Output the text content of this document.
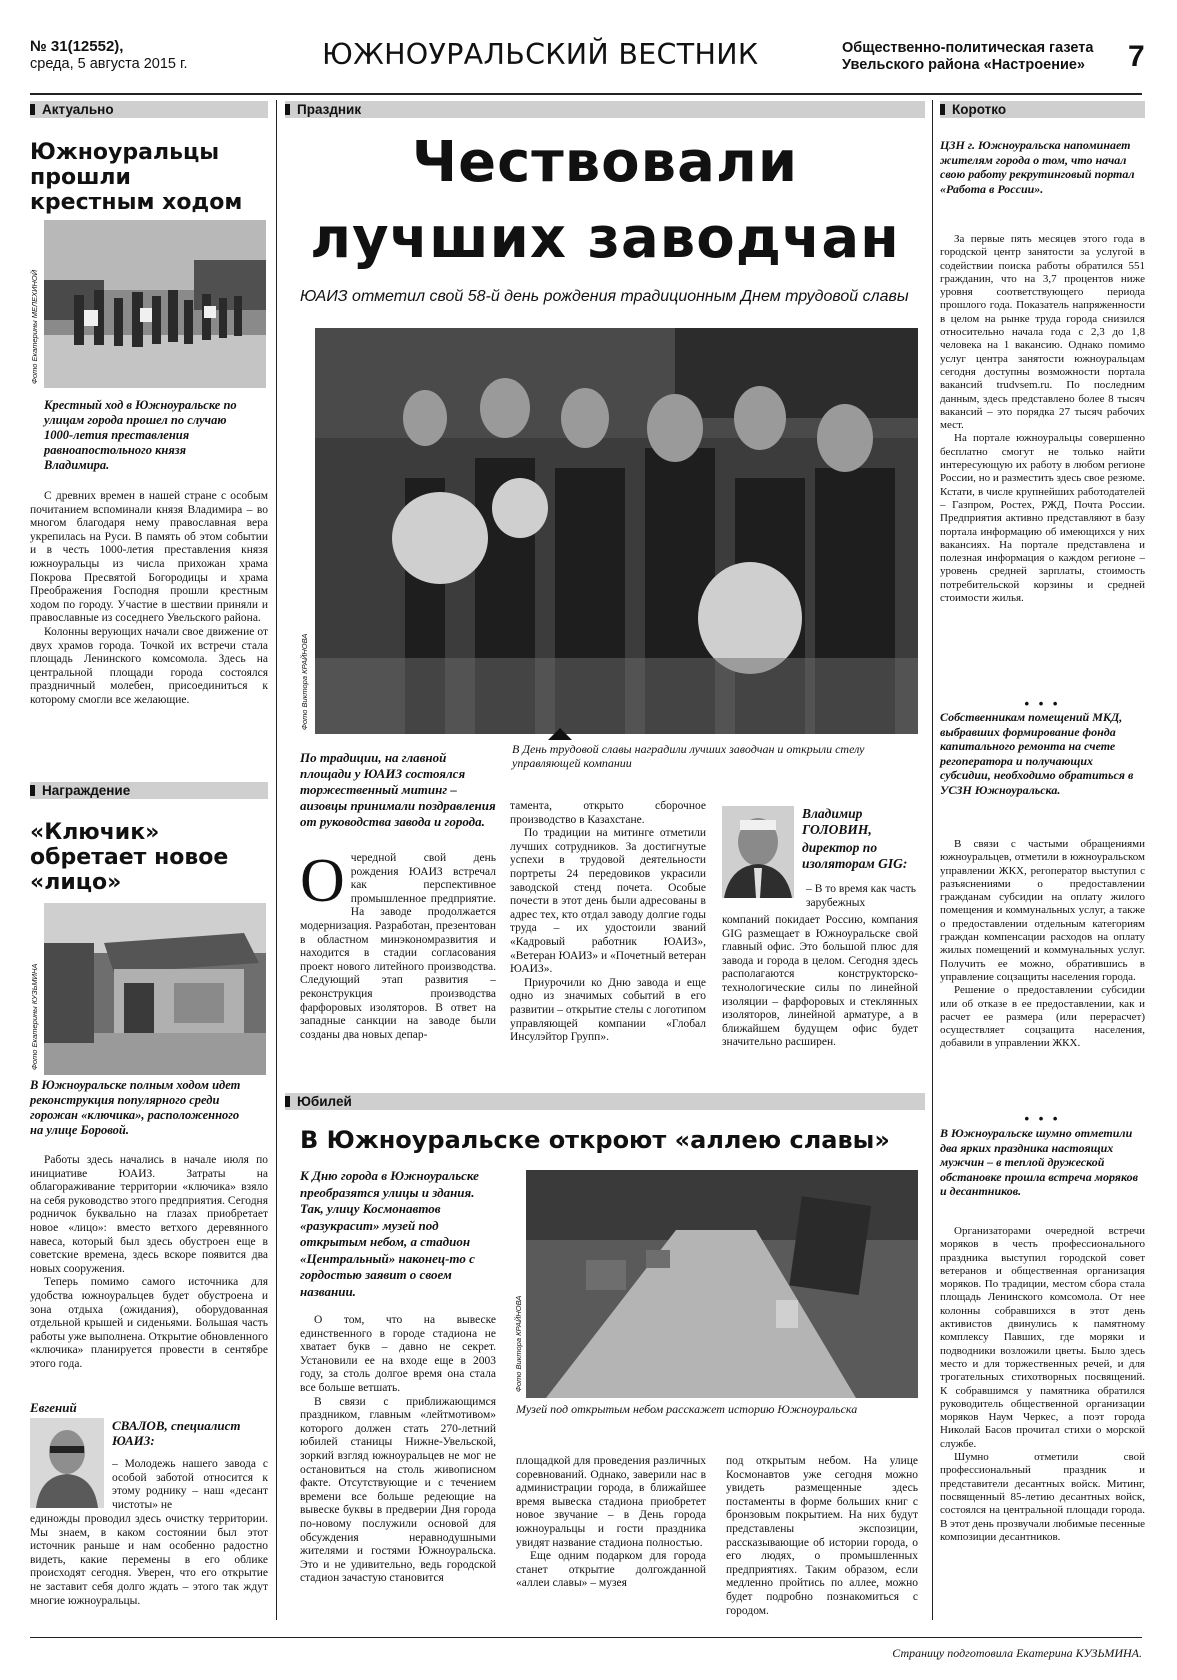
№ 31(12552),
среда, 5 августа 2015 г.	ЮЖНОУРАЛЬСКИЙ ВЕСТНИК	Общественно-политическая газета
Увельского района «Настроение» 7
Актуально
Южноуральцы прошли крестным ходом
Фото Екатерины МЕЛЕХИНОЙ

Крестный ход в Южноуральске по улицам города прошел по случаю 1000-летия преставления равноапостольного князя Владимира.

С древних времен в нашей стране с особым почитанием вспоминали князя Владимира – во многом благодаря нему православная вера укрепилась на Руси. В память об этом событии и в честь 1000-летия преставления князя южноуральцы из числа прихожан храма Покрова Пресвятой Богородицы и храма Преображения Господня прошли крестным ходом по городу. Участие в шествии приняли и православные из соседнего Увельского района.

Колонны верующих начали свое движение от двух храмов города. Точкой их встречи стала площадь Ленинского комсомола. Здесь на центральной площади города состоялся праздничный молебен, присоединиться к которому смогли все желающие.

Награждение
«Ключик» обретает новое «лицо»
Фото Екатерины КУЗЬМИНА

В Южноуральске полным ходом идет реконструкция популярного среди горожан «ключика», расположенного на улице Боровой.

Работы здесь начались в начале июля по инициативе ЮАИЗ. Затраты на облагораживание территории «ключика» взяло на себя руководство этого предприятия. Сегодня родничок буквально на глазах приобретает новое «лицо»: вместо ветхого деревянного навеса, который был здесь обустроен еще в советские времена, здесь вскоре появится два новых сооружения.

Теперь помимо самого источника для удобства южноуральцев будет обустроена и зона отдыха (ожидания), оборудованная отдельной крышей и сиденьями. Большая часть работы уже выполнена. Открытие обновленного «ключика» планируется провести в сентябре этого года.

Евгений
СВАЛОВ, специалист ЮАИЗ:
– Молодежь нашего завода с особой заботой относится к этому роднику – наш «десант чистоты» не
единожды проводил здесь очистку территории. Мы знаем, в каком состоянии был этот источник раньше и нам особенно радостно видеть, какие перемены в его облике происходят сегодня. Уверен, что его открытие не заставит себя долго ждать – этого так ждут многие южноуральцы.
Праздник
Чествовали
лучших заводчан
ЮАИЗ отметил свой 58-й день рождения традиционным Днем трудовой славы
Фото Виктора КРАЙНОВА
В День трудовой славы наградили лучших заводчан и открыли стелу управляющей компании

По традиции, на главной площади у ЮАИЗ состоялся торжественный митинг – аизовцы принимали поздравления от руководства завода и города.

О чередной свой день рождения ЮАИЗ встречал как перспективное промышленное предприятие. На заводе продолжается модернизация. Разработан, презентован в областном минэкономразвития и находится в стадии согласования проект нового литейного производства. Следующий этап развития – реконструкция производства фарфоровых изоляторов. В ответ на западные санкции на заводе были созданы два новых депар-

тамента, открыто сборочное производство в Казахстане.

По традиции на митинге отметили лучших сотрудников. За достигнутые успехи в трудовой деятельности портреты 24 передовиков украсили заводской стенд почета. Особые почести в этот день были адресованы в адрес тех, кто отдал заводу долгие годы труда – их удостоили званий «Кадровый работник ЮАИЗ», «Ветеран ЮАИЗ» и «Почетный ветеран ЮАИЗ».

Приурочили ко Дню завода и еще одно из значимых событий в его развитии – открытие стелы с логотипом управляющей компании «Глобал Инсулэйтор Групп».

Владимир ГОЛОВИН,
директор по изоляторам GIG:
– В то время как часть зарубежных
компаний покидает Россию, компания GIG размещает в Южноуральске свой главный офис. Это большой плюс для завода и города в целом. Сегодня здесь располагаются конструкторско-технологические силы по линейной изоляции – фарфоровых и стеклянных изоляторов, линейной арматуре, а в ближайшем будущем офис будет значительно расширен.
Юбилей
В Южноуральске откроют «аллею славы»

К Дню города в Южноуральске преобразятся улицы и здания. Так, улицу Космонавтов «разукрасит» музей под открытым небом, а стадион «Центральный» наконец-то с гордостью заявит о своем названии.

Фото Виктора КРАЙНОВА
Музей под открытым небом расскажет историю Южноуральска

О том, что на вывеске единственного в городе стадиона не хватает букв – давно не секрет. Установили ее на входе еще в 2003 году, за столь долгое время она стала все больше ветшать.

В связи с приближающимся праздником, главным «лейтмотивом» которого должен стать 270-летний юбилей станицы Нижне-Увельской, зоркий взгляд южноуральцев не мог не остановиться на столь живописном факте. Отсутствующие и с течением времени все больше редеющие на вывеске буквы в предверии Дня города по-новому послужили основой для обсуждения неравнодушными жителями и гостями Южноуральска. Это и не удивительно, ведь городской стадион зачастую становится

площадкой для проведения различных соревнований. Однако, заверили нас в администрации города, в ближайшее время вывеска стадиона приобретет новое звучание – в День города южноуральцы и гости праздника увидят название стадиона полностью.

Еще одним подарком для города станет открытие долгожданной «аллеи славы» – музея

под открытым небом. На улице Космонавтов уже сегодня можно увидеть размещенные здесь постаменты в форме больших книг с бронзовым покрытием. На них будут представлены экспозиции, рассказывающие об истории города, о его людях, о промышленных предприятиях. Таким образом, если медленно пройтись по аллее, можно будет подробно познакомиться с городом.

Коротко

ЦЗН г. Южноуральска напоминает жителям города о том, что начал свою работу рекрутинговый портал «Работа в России».

За первые пять месяцев этого года в городской центр занятости за услугой в содействии поиска работы обратился 551 гражданин, что на 3,7 процентов ниже уровня соответствующего периода прошлого года. Показатель напряженности в целом на рынке труда города снизился относительно начала года с 2,3 до 1,8 человека на 1 вакансию. Однако помимо услуг центра занятости южноуральцам сегодня доступны возможности портала вакансий trudvsem.ru. По последним данным, здесь представлено более 8 тысяч вакансий – это порядка 27 тысяч рабочих мест.

На портале южноуральцы совершенно бесплатно смогут не только найти интересующую их работу в любом регионе России, но и разместить здесь свое резюме. Кстати, в числе крупнейших работодателей – Газпром, Ростех, РЖД, Почта России. Предприятия активно представляют в базу портала информацию об имеющихся у них вакансиях. На портале представлена и полезная информация о каждом регионе – уровень средней зарплаты, стоимость потребительской корзины и средней стоимости жилья.

• • •

Собственникам помещений МКД, выбравших формирование фонда капитального ремонта на счете регоператора и получающих субсидии, необходимо обратиться в УСЗН Южноуральска.

В связи с частыми обращениями южноуральцев, отметили в южноуральском управлении ЖКХ, регоператор выступил с разъяснениями о предоставлении гражданам субсидии на оплату жилого помещения и коммунальных услуг, а также о предоставлении отдельным категориям граждан компенсации расходов на оплату жилых помещений и коммунальных услуг. Получить ее можно, обратившись в управление соцзащиты населения города.

Решение о предоставлении субсидии или об отказе в ее предоставлении, как и расчет ее размера (или перерасчет) осуществляет соцзащита населения, добавили в управлении ЖКХ.

• • •

В Южноуральске шумно отметили два ярких праздника настоящих мужчин – в теплой дружеской обстановке прошла встреча моряков и десантников.

Организаторами очередной встречи моряков в честь профессионального праздника выступил городской совет ветеранов и общественная организация моряков. По традиции, местом сбора стала площадь Ленинского комсомола. От нее колонны собравшихся в этот день активистов двинулись к памятному комплексу Павших, где моряки и подводники возложили цветы. Было здесь место и для торжественных речей, и для трогательных стихотворных посвящений. К собравшимся у памятника обратился руководитель общественной организации моряков Наум Черкес, а поэт города Николай Басов прочитал стихи о морской службе.

Шумно отметили свой профессиональный праздник и представители десантных войск. Митинг, посвященный 85-летию десантных войск, состоялся на центральной площади города. В этот день прозвучали любимые песенные композиции десантников.

Страницу подготовила Екатерина КУЗЬМИНА.
